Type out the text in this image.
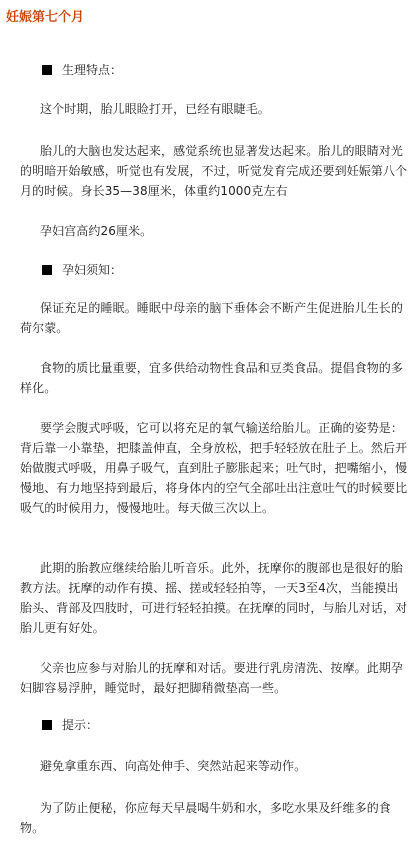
妊娠第七个月
生理特点：

这个时期，胎儿眼睑打开，已经有眼睫毛。

胎儿的大脑也发达起来，感觉系统也显著发达起来。胎儿的眼睛对光的明暗开始敏感，听觉也有发展，不过，听觉发育完成还要到妊娠第八个月的时候。身长35—38厘米，体重约1000克左右

孕妇宫高约26厘米。

孕妇须知：

保证充足的睡眠。睡眠中母亲的脑下垂体会不断产生促进胎儿生长的荷尔蒙。

食物的质比量重要，宜多供给动物性食品和豆类食品。提倡食物的多样化。

要学会腹式呼吸，它可以将充足的氧气输送给胎儿。正确的姿势是：背后靠一小靠垫，把膝盖伸直，全身放松，把手轻轻放在肚子上。然后开始做腹式呼吸，用鼻子吸气，直到肚子膨胀起来；吐气时，把嘴缩小，慢慢地、有力地坚持到最后，将身体内的空气全部吐出注意吐气的时候要比吸气的时候用力，慢慢地吐。每天做三次以上。

此期的胎教应继续给胎儿听音乐。此外，抚摩你的腹部也是很好的胎教方法。抚摩的动作有摸、摇、搓或轻轻拍等，一天3至4次，当能摸出胎头、背部及四肢时，可进行轻轻拍摸。在抚摩的同时，与胎儿对话，对胎儿更有好处。

父亲也应参与对胎儿的抚摩和对话。要进行乳房清洗、按摩。此期孕妇脚容易浮肿，睡觉时，最好把脚稍微垫高一些。

提示：

避免拿重东西、向高处伸手、突然站起来等动作。

为了防止便秘，你应每天早晨喝牛奶和水，多吃水果及纤维多的食物。
